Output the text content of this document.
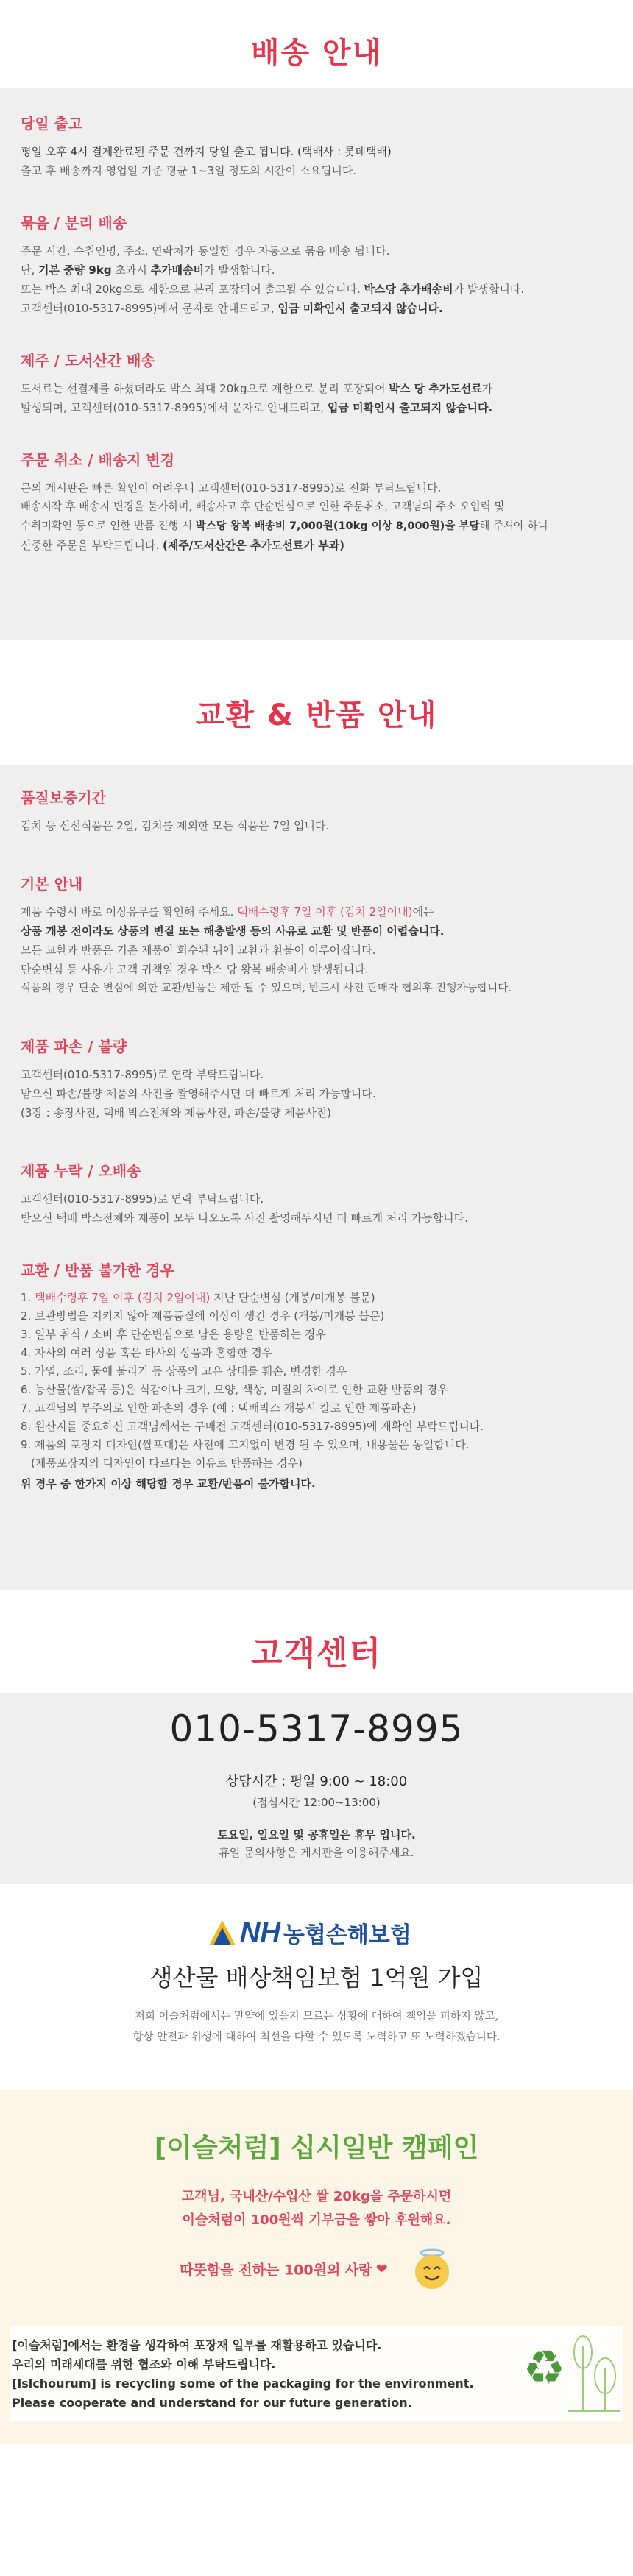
배송 안내
당일 출고
평일 오후 4시 결제완료된 주문 건까지 당일 출고 됩니다. (택배사 : 롯데택배)
출고 후 배송까지 영업일 기준 평균 1~3일 정도의 시간이 소요됩니다.
묶음 / 분리 배송
주문 시간, 수취인명, 주소, 연락처가 동일한 경우 자동으로 묶음 배송 됩니다.
단, 기본 중량 9kg 초과시 추가배송비가 발생합니다.
또는 박스 최대 20kg으로 제한으로 분리 포장되어 출고될 수 있습니다. 박스당 추가배송비가 발생합니다.
고객센터(010-5317-8995)에서 문자로 안내드리고, 입금 미확인시 출고되지 않습니다.
제주 / 도서산간 배송
도서료는 선결제를 하셨더라도 박스 최대 20kg으로 제한으로 분리 포장되어 박스 당 추가도선료가
발생되며, 고객센터(010-5317-8995)에서 문자로 안내드리고, 입금 미확인시 출고되지 않습니다.
주문 취소 / 배송지 변경
문의 게시판은 빠른 확인이 어려우니 고객센터(010-5317-8995)로 전화 부탁드립니다.
배송시작 후 배송지 변경을 불가하며, 배송사고 후 단순변심으로 인한 주문취소, 고객님의 주소 오입력 및
수취미확인 등으로 인한 반품 진행 시 박스당 왕복 배송비 7,000원(10kg 이상 8,000원)을 부담해 주셔야 하니
신중한 주문을 부탁드립니다. (제주/도서산간은 추가도선료가 부과)
교환 & 반품 안내
품질보증기간
김치 등 신선식품은 2일, 김치를 제외한 모든 식품은 7일 입니다.
기본 안내
제품 수령시 바로 이상유무를 확인해 주세요. 택배수령후 7일 이후 (김치 2일이내)에는
상품 개봉 전이라도 상품의 변질 또는 해충발생 등의 사유로 교환 및 반품이 어렵습니다.
모든 교환과 반품은 기존 제품이 회수된 뒤에 교환과 환불이 이루어집니다.
단순변심 등 사유가 고객 귀책일 경우 박스 당 왕복 배송비가 발생됩니다.
식품의 경우 단순 변심에 의한 교환/반품은 제한 될 수 있으며, 반드시 사전 판매자 협의후 진행가능합니다.
제품 파손 / 불량
고객센터(010-5317-8995)로 연락 부탁드립니다.
받으신 파손/불량 제품의 사진을 촬영해주시면 더 빠르게 처리 가능합니다.
(3장 : 송장사진, 택배 박스전체와 제품사진, 파손/불량 제품사진)
제품 누락 / 오배송
고객센터(010-5317-8995)로 연락 부탁드립니다.
받으신 택배 박스전체와 제품이 모두 나오도록 사진 촬영해두시면 더 빠르게 처리 가능합니다.
교환 / 반품 불가한 경우
1. 택배수령후 7일 이후 (김치 2일이내) 지난 단순변심 (개봉/미개봉 불문)
2. 보관방법을 지키지 않아 제품품질에 이상이 생긴 경우 (개봉/미개봉 불문)
3. 일부 취식 / 소비 후 단순변심으로 남은 용량을 반품하는 경우
4. 자사의 여러 상품 혹은 타사의 상품과 혼합한 경우
5. 가열, 조리, 물에 불리기 등 상품의 고유 상태를 훼손, 변경한 경우
6. 농산물(쌀/잡곡 등)은 식감이나 크기, 모양, 색상, 미질의 차이로 인한 교환 반품의 경우
7. 고객님의 부주의로 인한 파손의 경우 (예 : 택배박스 개봉시 칼로 인한 제품파손)
8. 원산지를 중요하신 고객님께서는 구매전 고객센터(010-5317-8995)에 재확인 부탁드립니다.
9. 제품의 포장지 디자인(쌀포대)은 사전에 고지없이 변경 될 수 있으며, 내용물은 동일합니다.
(제품포장지의 디자인이 다르다는 이유로 반품하는 경우)
위 경우 중 한가지 이상 해당할 경우 교환/반품이 불가합니다.
고객센터
010-5317-8995
상담시간 : 평일 9:00 ~ 18:00
(점심시간 12:00~13:00)
토요일, 일요일 및 공휴일은 휴무 입니다.
휴일 문의사항은 게시판을 이용해주세요.
NH 농협손해보험
생산물 배상책임보험 1억원 가입
저희 이슬처럼에서는 만약에 있을지 모르는 상황에 대하여 책임을 피하지 않고,
항상 안전과 위생에 대하여 최선을 다할 수 있도록 노력하고 또 노력하겠습니다.
[이슬처럼] 십시일반 캠페인
고객님, 국내산/수입산 쌀 20kg을 주문하시면
이슬처럼이 100원씩 기부금을 쌓아 후원해요.
따뜻함을 전하는 100원의 사랑 ❤
[이슬처럼]에서는 환경을 생각하여 포장재 일부를 재활용하고 있습니다.
우리의 미래세대를 위한 협조와 이해 부탁드립니다.
[Islchourum] is recycling some of the packaging for the environment.
Please cooperate and understand for our future generation.
♻
